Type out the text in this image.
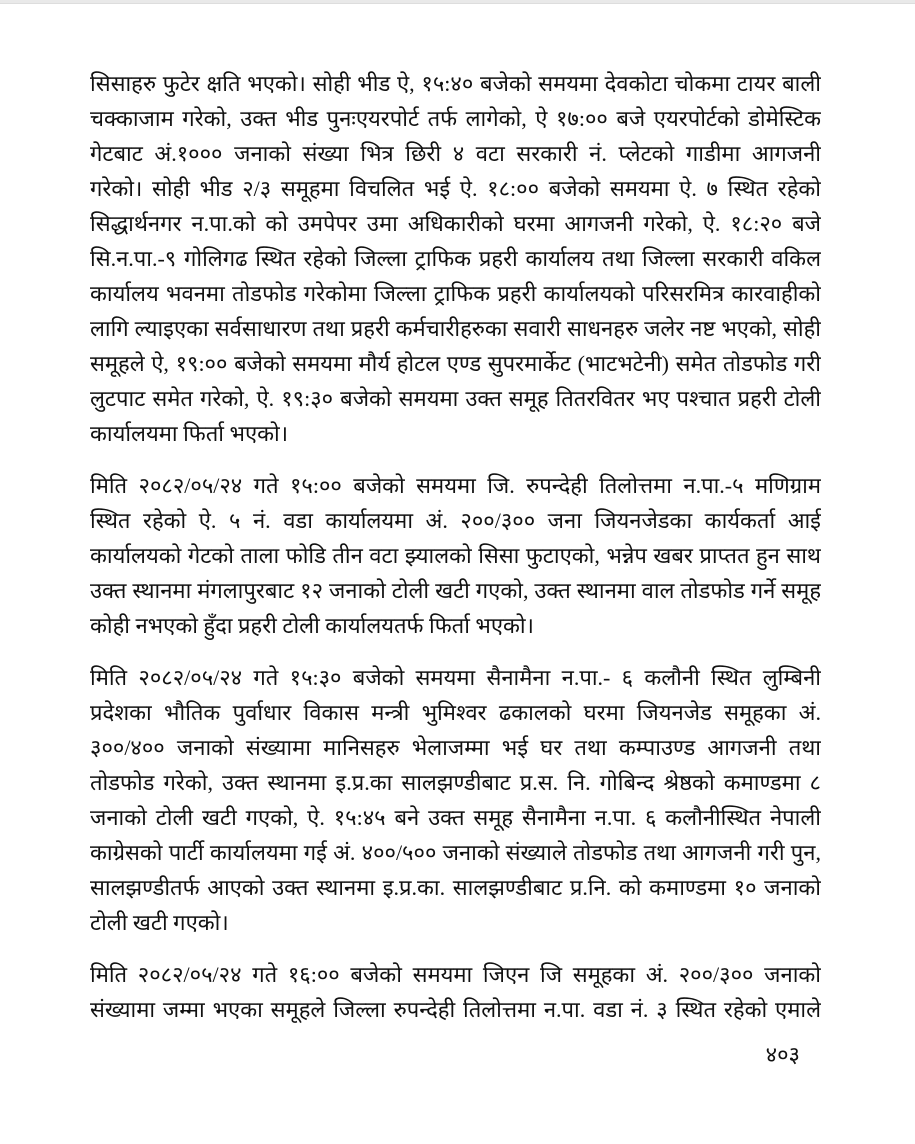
सिसाहरु फुटेर क्षति भएको। सोही भीड ऐ, १५:४० बजेको समयमा देवकोटा चोकमा टायर बाली
चक्काजाम गरेको, उक्त भीड पुनःएयरपोर्ट तर्फ लागेको, ऐ १७:०० बजे एयरपोर्टको डोमेस्टिक
गेटबाट अं.१००० जनाको संख्या भित्र छिरी ४ वटा सरकारी नं. प्लेटको गाडीमा आगजनी
गरेको। सोही भीड २/३ समूहमा विचलित भई ऐ. १८:०० बजेको समयमा ऐ. ७ स्थित रहेको
सिद्धार्थनगर न.पा.को को उमपेपर उमा अधिकारीको घरमा आगजनी गरेको, ऐ. १८:२० बजे
सि.न.पा.-९ गोलिगढ स्थित रहेको जिल्ला ट्राफिक प्रहरी कार्यालय तथा जिल्ला सरकारी वकिल
कार्यालय भवनमा तोडफोड गरेकोमा जिल्ला ट्राफिक प्रहरी कार्यालयको परिसरमित्र कारवाहीको
लागि ल्याइएका सर्वसाधारण तथा प्रहरी कर्मचारीहरुका सवारी साधनहरु जलेर नष्ट भएको, सोही
समूहले ऐ, १९:०० बजेको समयमा मौर्य होटल एण्ड सुपरमार्केट (भाटभटेनी) समेत तोडफोड गरी
लुटपाट समेत गरेको, ऐ. १९:३० बजेको समयमा उक्त समूह तितरवितर भए पश्चात प्रहरी टोली
कार्यालयमा फिर्ता भएको।
मिति २०८२/०५/२४ गते १५:०० बजेको समयमा जि. रुपन्देही तिलोत्तमा न.पा.-५ मणिग्राम
स्थित रहेको ऐ. ५ नं. वडा कार्यालयमा अं. २००/३०० जना जियनजेडका कार्यकर्ता आई
कार्यालयको गेटको ताला फोडि तीन वटा झ्यालको सिसा फुटाएको, भन्नेप खबर प्राप्तत हुन साथ
उक्त स्थानमा मंगलापुरबाट १२ जनाको टोली खटी गएको, उक्त स्थानमा वाल तोडफोड गर्ने समूह
कोही नभएको हुँदा प्रहरी टोली कार्यालयतर्फ फिर्ता भएको।
मिति २०८२/०५/२४ गते १५:३० बजेको समयमा सैनामैना न.पा.- ६ कलौनी स्थित लुम्बिनी
प्रदेशका भौतिक पुर्वाधार विकास मन्त्री भुमिश्वर ढकालको घरमा जियनजेड समूहका अं.
३००/४०० जनाको संख्यामा मानिसहरु भेलाजम्मा भई घर तथा कम्पाउण्ड आगजनी तथा
तोडफोड गरेको, उक्त स्थानमा इ.प्र.का सालझण्डीबाट प्र.स. नि. गोबिन्द श्रेष्ठको कमाण्डमा ८
जनाको टोली खटी गएको, ऐ. १५:४५ बने उक्त समूह सैनामैना न.पा. ६ कलौनीस्थित नेपाली
काग्रेसको पार्टी कार्यालयमा गई अं. ४००/५०० जनाको संख्याले तोडफोड तथा आगजनी गरी पुन,
सालझण्डीतर्फ आएको उक्त स्थानमा इ.प्र.का. सालझण्डीबाट प्र.नि. को कमाण्डमा १० जनाको
टोली खटी गएको।
मिति २०८२/०५/२४ गते १६:०० बजेको समयमा जिएन जि समूहका अं. २००/३०० जनाको
संख्यामा जम्मा भएका समूहले जिल्ला रुपन्देही तिलोत्तमा न.पा. वडा नं. ३ स्थित रहेको एमाले
४०३
